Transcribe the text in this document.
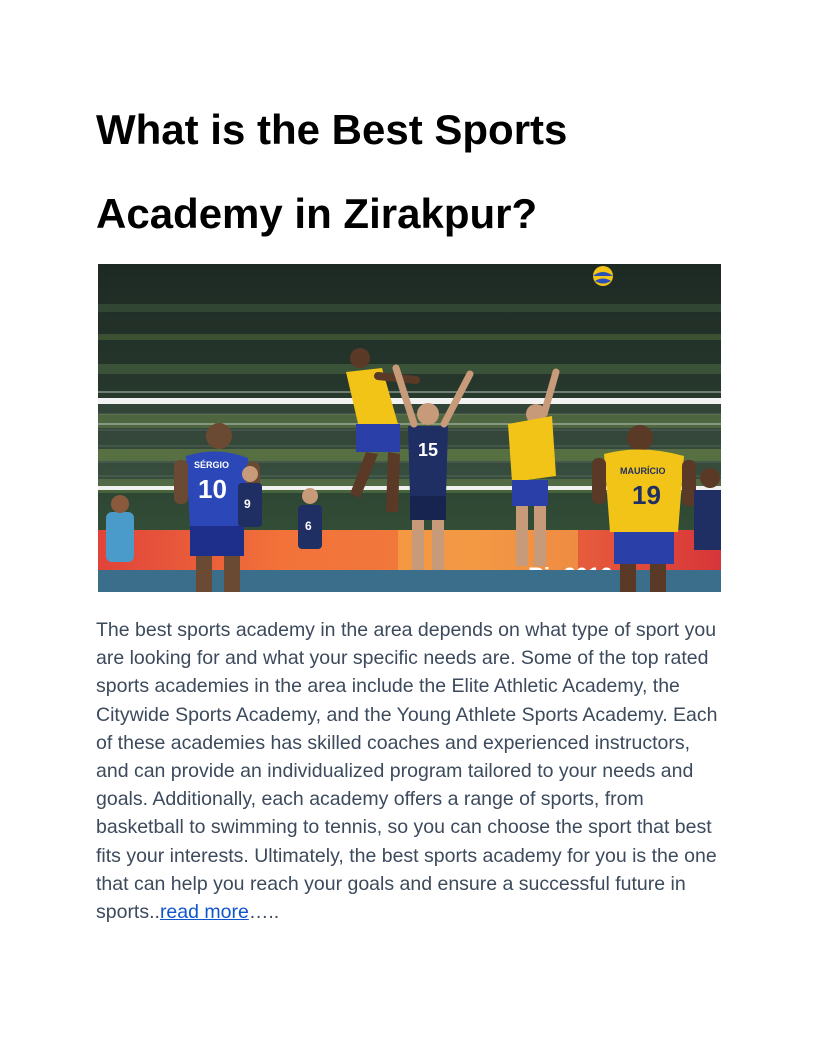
What is the Best Sports
Academy in Zirakpur?
SÉRGIO
10 9
6
15
MAURÍCIO
19

The best sports academy in the area depends on what type of sport you are looking for and what your specific needs are. Some of the top rated sports academies in the area include the Elite Athletic Academy, the Citywide Sports Academy, and the Young Athlete Sports Academy. Each of these academies has skilled coaches and experienced instructors, and can provide an individualized program tailored to your needs and goals. Additionally, each academy offers a range of sports, from basketball to swimming to tennis, so you can choose the sport that best fits your interests. Ultimately, the best sports academy for you is the one that can help you reach your goals and ensure a successful future in sports..read more…..
